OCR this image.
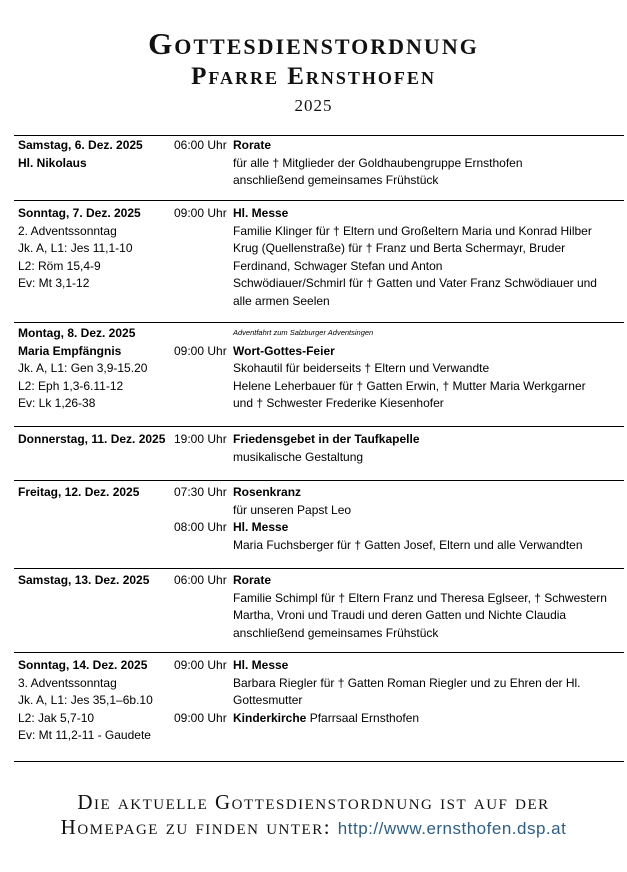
Gottesdienstordnung
Pfarre Ernsthofen
2025
Samstag, 6. Dez. 2025
Hl. Nikolaus
06:00 Uhr Rorate
für alle † Mitglieder der Goldhaubengruppe Ernsthofen
anschließend gemeinsames Frühstück
Sonntag, 7. Dez. 2025
2. Adventssonntag
Jk. A, L1: Jes 11,1-10
L2: Röm 15,4-9
Ev: Mt 3,1-12
09:00 Uhr Hl. Messe
Familie Klinger für † Eltern und Großeltern Maria und Konrad Hilber
Krug (Quellenstraße) für † Franz und Berta Schermayr, Bruder
Ferdinand, Schwager Stefan und Anton
Schwödiauer/Schmirl für † Gatten und Vater Franz Schwödiauer und
alle armen Seelen
Montag, 8. Dez. 2025
Maria Empfängnis
Jk. A, L1: Gen 3,9-15.20
L2: Eph 1,3-6.11-12
Ev: Lk 1,26-38
Adventfahrt zum Salzburger Adventsingen
09:00 Uhr Wort-Gottes-Feier
Skohautil für beiderseits † Eltern und Verwandte
Helene Leherbauer für † Gatten Erwin, † Mutter Maria Werkgarner
und † Schwester Frederike Kiesenhofer
Donnerstag, 11. Dez. 2025 19:00 Uhr Friedensgebet in der Taufkapelle
musikalische Gestaltung
Freitag, 12. Dez. 2025	07:30 Uhr Rosenkranz
für unseren Papst Leo
08:00 Uhr Hl. Messe
Maria Fuchsberger für † Gatten Josef, Eltern und alle Verwandten
Samstag, 13. Dez. 2025	06:00 Uhr Rorate
Familie Schimpl für † Eltern Franz und Theresa Eglseer, † Schwestern
Martha, Vroni und Traudi und deren Gatten und Nichte Claudia
anschließend gemeinsames Frühstück
Sonntag, 14. Dez. 2025
3. Adventssonntag
Jk. A, L1: Jes 35,1–6b.10
L2: Jak 5,7-10
Ev: Mt 11,2-11 - Gaudete
09:00 Uhr Hl. Messe
Barbara Riegler für † Gatten Roman Riegler und zu Ehren der Hl.
Gottesmutter
09:00 Uhr Kinderkirche Pfarrsaal Ernsthofen
Die aktuelle Gottesdienstordnung ist auf der
Homepage zu finden unter: http://www.ernsthofen.dsp.at
